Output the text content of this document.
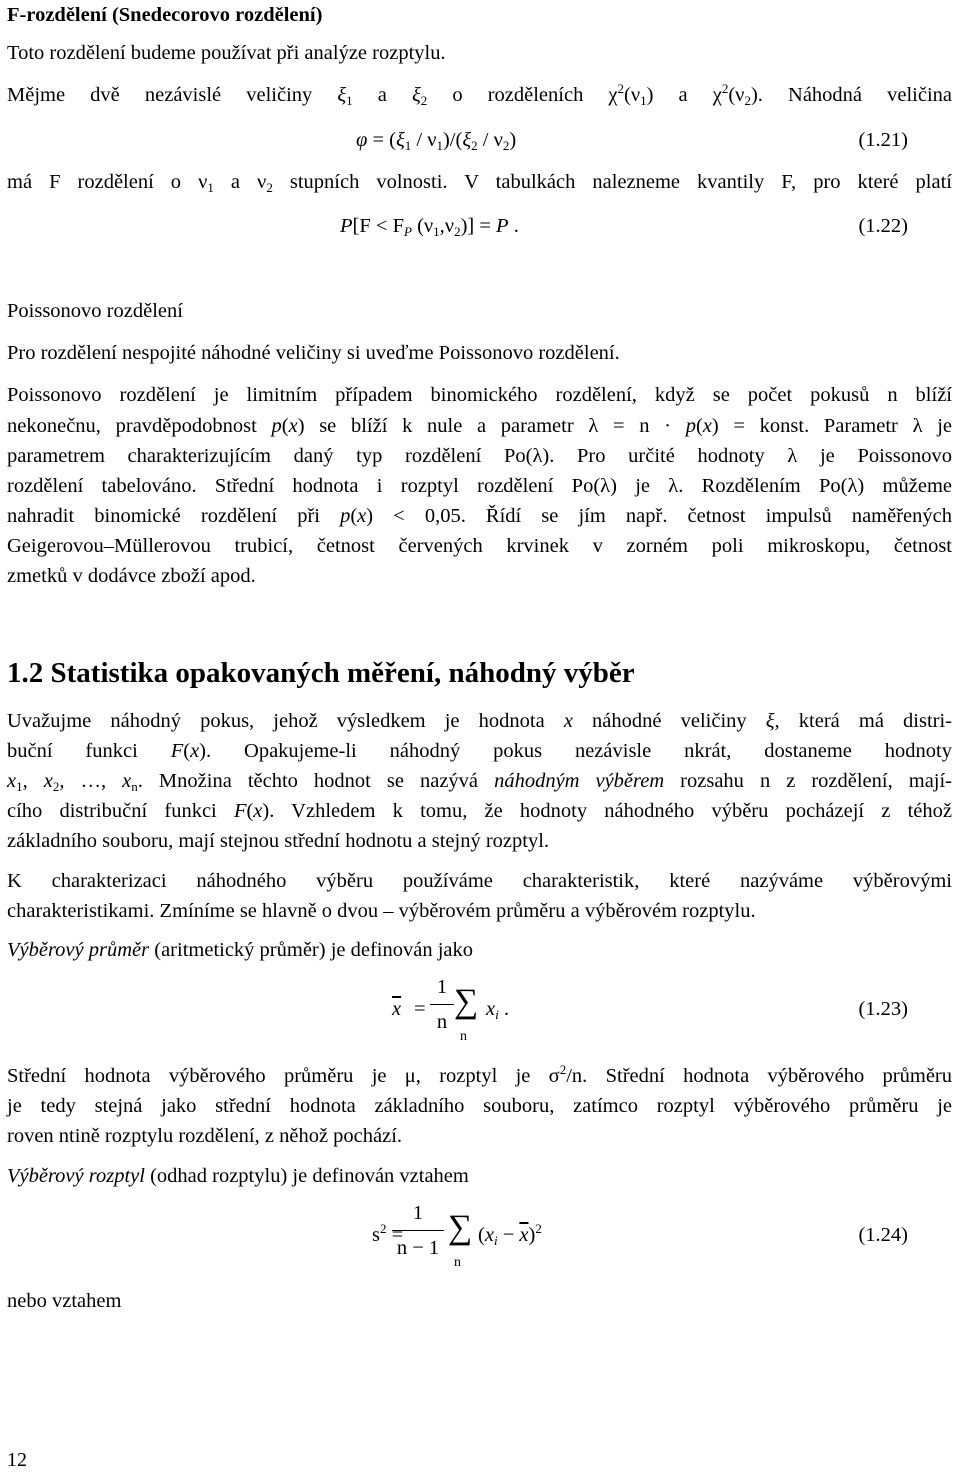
F-rozdělení (Snedecorovo rozdělení)
Toto rozdělení budeme používat při analýze rozptylu.
Mějme dvě nezávislé veličiny $\xi_1$ a $\xi_2$ o rozděleních $\chi^2(\nu_1)$ a $\chi^2(\nu_2)$. Náhodná veličina
$\varphi = (\xi_1 / \nu_1)/(\xi_2 / \nu_2)$	(1.21)
má F rozdělení o $\nu_1$ a $\nu_2$ stupních volnosti. V tabulkách nalezneme kvantily F, pro které platí
$P[F < F_P$ $(\nu_1,\nu_2)] = P$ .	(1.22)
Poissonovo rozdělení
Pro rozdělení nespojité náhodné veličiny si uveďme Poissonovo rozdělení.
Poissonovo rozdělení je limitním případem binomického rozdělení, když se počet pokusů n blíží
nekonečnu, pravděpodobnost p(x) se blíží k nule a parametr λ = n · p(x) = konst. Parametr λ je
parametrem charakterizujícím daný typ rozdělení Po(λ). Pro určité hodnoty λ je Poissonovo
rozdělení tabelováno. Střední hodnota i rozptyl rozdělení Po(λ) je λ. Rozdělením Po(λ) můžeme
nahradit binomické rozdělení při p(x) < 0,05. Řídí se jím např. četnost impulsů naměřených
Geigerovou–Müllerovou trubicí, četnost červených krvinek v zorném poli mikroskopu, četnost
zmetků v dodávce zboží apod.
1.2 Statistika opakovaných měření, náhodný výběr
Uvažujme náhodný pokus, jehož výsledkem je hodnota x náhodné veličiny ξ, která má distri-
buční funkci F(x). Opakujeme-li náhodný pokus nezávisle nkrát, dostaneme hodnoty
$x_1$, $x_2$, …, $x_n$. Množina těchto hodnot se nazývá náhodným výběrem rozsahu n z rozdělení, mají-
cího distribuční funkci F(x). Vzhledem k tomu, že hodnoty náhodného výběru pocházejí z téhož
základního souboru, mají stejnou střední hodnotu a stejný rozptyl.
K charakterizaci náhodného výběru používáme charakteristik, které nazýváme výběrovými
charakteristikami. Zmíníme se hlavně o dvou – výběrovém průměru a výběrovém rozptylu.
Výběrový průměr (aritmetický průměr) je definován jako
$\overline{x} = \frac{1}{n}$ ∑
n
$x_i$ .	(1.23)
Střední hodnota výběrového průměru je μ, rozptyl je $\sigma^2/n$. Střední hodnota výběrového průměru
je tedy stejná jako střední hodnota základního souboru, zatímco rozptyl výběrového průměru je
roven ntině rozptylu rozdělení, z něhož pochází.
Výběrový rozptyl (odhad rozptylu) je definován vztahem
$s^2$ =
$\frac{1}{n - 1}$ ∑
n
$(x_i - \overline{x})^2$	(1.24)
nebo vztahem
12
